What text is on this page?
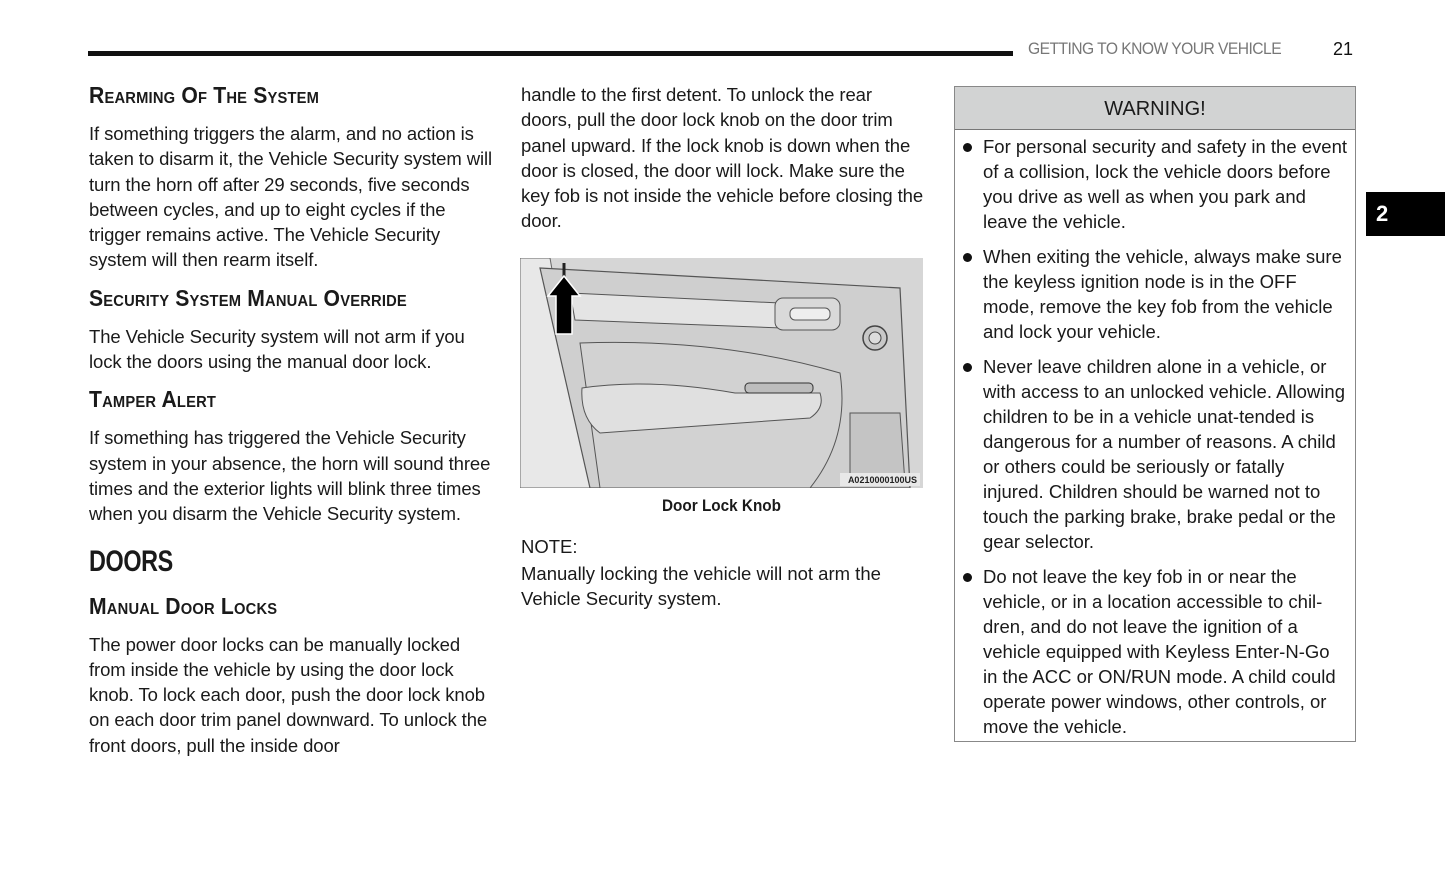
GETTING TO KNOW YOUR VEHICLE	21
2
Rearming Of The System

If something triggers the alarm, and no action is taken to disarm it, the Vehicle Security system will turn the horn off after 29 seconds, five seconds between cycles, and up to eight cycles if the trigger remains active. The Vehicle Security system will then rearm itself.

Security System Manual Override

The Vehicle Security system will not arm if you lock the doors using the manual door lock.

Tamper Alert

If something has triggered the Vehicle Security system in your absence, the horn will sound three times and the exterior lights will blink three times when you disarm the Vehicle Security system.

DOORS
Manual Door Locks

The power door locks can be manually locked from inside the vehicle by using the door lock knob. To lock each door, push the door lock knob on each door trim panel downward. To unlock the front doors, pull the inside door

handle to the first detent. To unlock the rear doors, pull the door lock knob on the door trim panel upward. If the lock knob is down when the door is closed, the door will lock. Make sure the key fob is not inside the vehicle before closing the door.

A0210000100US
Door Lock Knob
NOTE:
Manually locking the vehicle will not arm the Vehicle Security system.
WARNING!
For personal security and safety in the event of a collision, lock the vehicle doors before you drive as well as when you park and leave the vehicle.
When exiting the vehicle, always make sure the keyless ignition node is in the OFF mode, remove the key fob from the vehicle and lock your vehicle.
Never leave children alone in a vehicle, or with access to an unlocked vehicle. Allowing children to be in a vehicle unat-tended is dangerous for a number of reasons. A child or others could be seriously or fatally injured. Children should be warned not to touch the parking brake, brake pedal or the gear selector.
Do not leave the key fob in or near the vehicle, or in a location accessible to chil-dren, and do not leave the ignition of a vehicle equipped with Keyless Enter-N-Go in the ACC or ON/RUN mode. A child could operate power windows, other controls, or move the vehicle.
